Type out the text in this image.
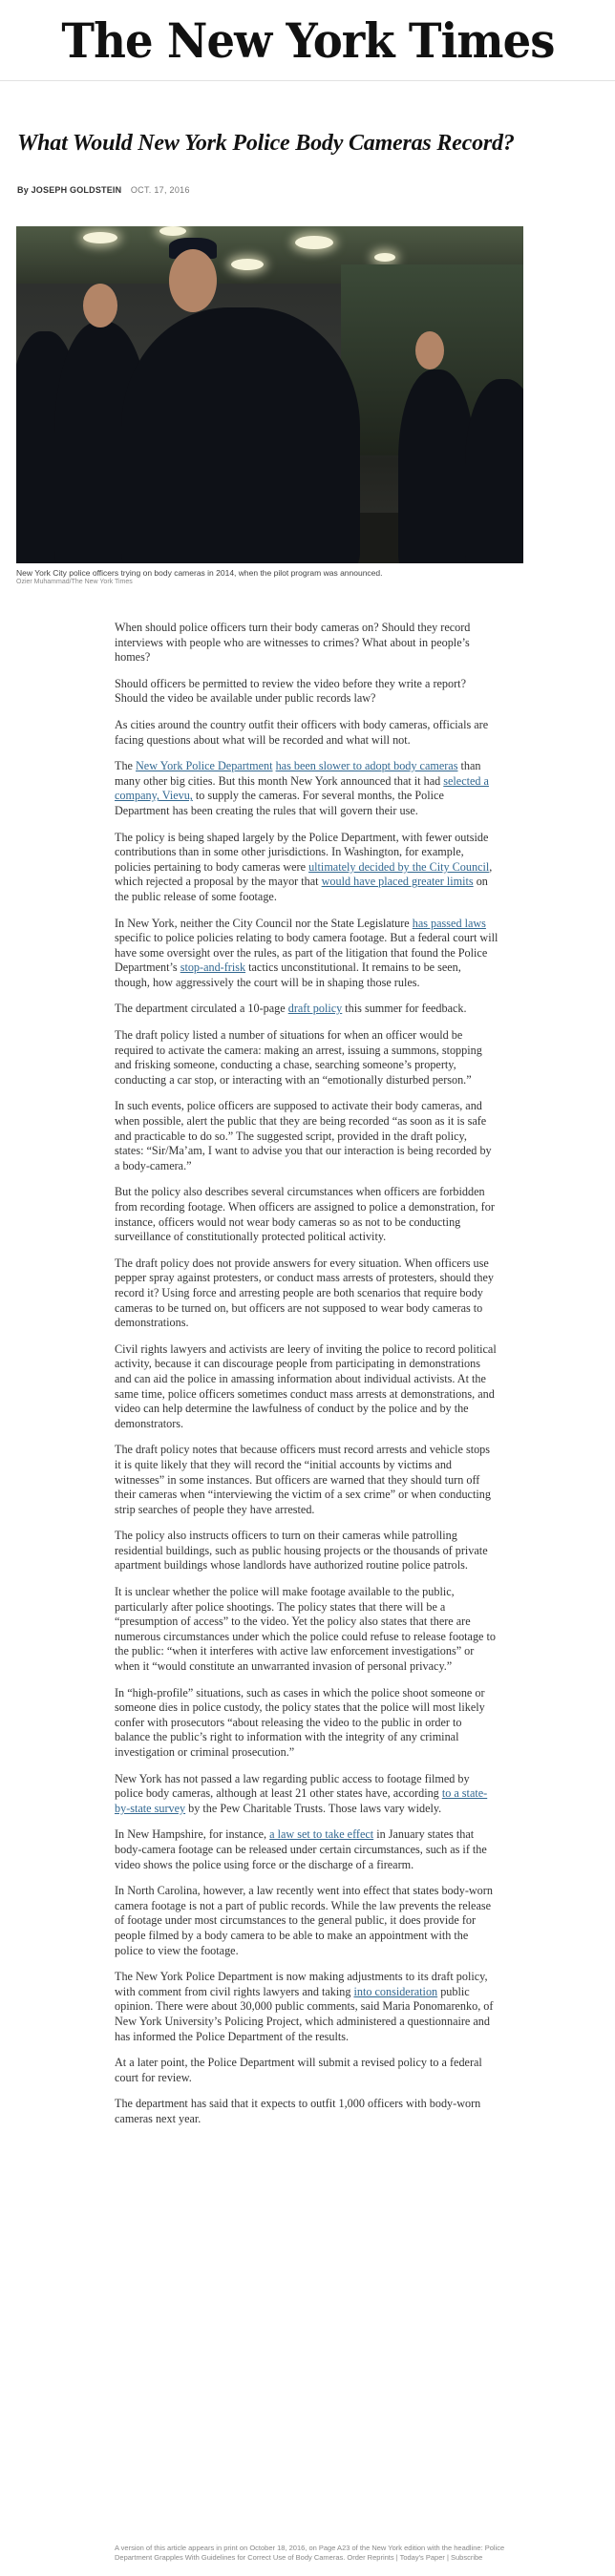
The New York Times
What Would New York Police Body Cameras Record?
By JOSEPH GOLDSTEIN OCT. 17, 2016
New York City police officers trying on body cameras in 2014, when the pilot program was announced.
Ozier Muhammad/The New York Times

When should police officers turn their body cameras on? Should they record interviews with people who are witnesses to crimes? What about in people’s homes?

Should officers be permitted to review the video before they write a report? Should the video be available under public records law?

As cities around the country outfit their officers with body cameras, officials are facing questions about what will be recorded and what will not.

The New York Police Department has been slower to adopt body cameras than many other big cities. But this month New York announced that it had selected a company, Vievu, to supply the cameras. For several months, the Police Department has been creating the rules that will govern their use.

The policy is being shaped largely by the Police Department, with fewer outside contributions than in some other jurisdictions. In Washington, for example, policies pertaining to body cameras were ultimately decided by the City Council, which rejected a proposal by the mayor that would have placed greater limits on the public release of some footage.

In New York, neither the City Council nor the State Legislature has passed laws specific to police policies relating to body camera footage. But a federal court will have some oversight over the rules, as part of the litigation that found the Police Department’s stop-and-frisk tactics unconstitutional. It remains to be seen, though, how aggressively the court will be in shaping those rules.

The department circulated a 10-page draft policy this summer for feedback.

The draft policy listed a number of situations for when an officer would be required to activate the camera: making an arrest, issuing a summons, stopping and frisking someone, conducting a chase, searching someone’s property, conducting a car stop, or interacting with an “emotionally disturbed person.”

In such events, police officers are supposed to activate their body cameras, and when possible, alert the public that they are being recorded “as soon as it is safe and practicable to do so.” The suggested script, provided in the draft policy, states: “Sir/Ma’am, I want to advise you that our interaction is being recorded by a body-camera.”

But the policy also describes several circumstances when officers are forbidden from recording footage. When officers are assigned to police a demonstration, for instance, officers would not wear body cameras so as not to be conducting surveillance of constitutionally protected political activity.

The draft policy does not provide answers for every situation. When officers use pepper spray against protesters, or conduct mass arrests of protesters, should they record it? Using force and arresting people are both scenarios that require body cameras to be turned on, but officers are not supposed to wear body cameras to demonstrations.

Civil rights lawyers and activists are leery of inviting the police to record political activity, because it can discourage people from participating in demonstrations and can aid the police in amassing information about individual activists. At the same time, police officers sometimes conduct mass arrests at demonstrations, and video can help determine the lawfulness of conduct by the police and by the demonstrators.

The draft policy notes that because officers must record arrests and vehicle stops it is quite likely that they will record the “initial accounts by victims and witnesses” in some instances. But officers are warned that they should turn off their cameras when “interviewing the victim of a sex crime” or when conducting strip searches of people they have arrested.

The policy also instructs officers to turn on their cameras while patrolling residential buildings, such as public housing projects or the thousands of private apartment buildings whose landlords have authorized routine police patrols.

It is unclear whether the police will make footage available to the public, particularly after police shootings. The policy states that there will be a “presumption of access” to the video. Yet the policy also states that there are numerous circumstances under which the police could refuse to release footage to the public: “when it interferes with active law enforcement investigations” or when it “would constitute an unwarranted invasion of personal privacy.”

In “high-profile” situations, such as cases in which the police shoot someone or someone dies in police custody, the policy states that the police will most likely confer with prosecutors “about releasing the video to the public in order to balance the public’s right to information with the integrity of any criminal investigation or criminal prosecution.”

New York has not passed a law regarding public access to footage filmed by police body cameras, although at least 21 other states have, according to a state-by-state survey by the Pew Charitable Trusts. Those laws vary widely.

In New Hampshire, for instance, a law set to take effect in January states that body-camera footage can be released under certain circumstances, such as if the video shows the police using force or the discharge of a firearm.

In North Carolina, however, a law recently went into effect that states body-worn camera footage is not a part of public records. While the law prevents the release of footage under most circumstances to the general public, it does provide for people filmed by a body camera to be able to make an appointment with the police to view the footage.

The New York Police Department is now making adjustments to its draft policy, with comment from civil rights lawyers and taking into consideration public opinion. There were about 30,000 public comments, said Maria Ponomarenko, of New York University’s Policing Project, which administered a questionnaire and has informed the Police Department of the results.

At a later point, the Police Department will submit a revised policy to a federal court for review.

The department has said that it expects to outfit 1,000 officers with body-worn cameras next year.

A version of this article appears in print on October 18, 2016, on Page A23 of the New York edition with the headline: Police Department Grapples With Guidelines for Correct Use of Body Cameras. Order Reprints | Today's Paper | Subscribe
